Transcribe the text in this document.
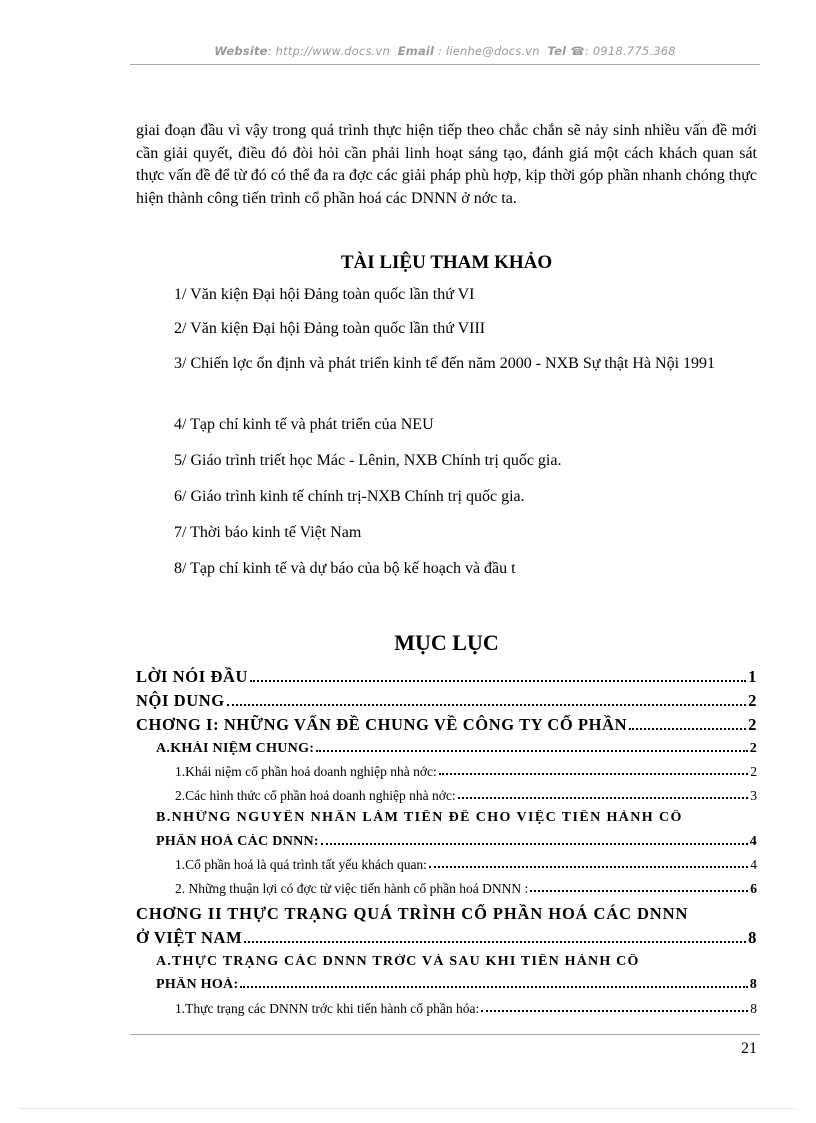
Website: http://www.docs.vn Email : lienhe@docs.vn Tel ☎: 0918.775.368
giai đoạn đầu vì vậy trong quá trình thực hiện tiếp theo chắc chắn sẽ nảy sinh nhiều vấn đề mới cần giải quyết, điều đó đòi hỏi cần phải linh hoạt sáng tạo, đánh giá một cách khách quan sát thực vấn đề để từ đó có thể đa ra đợc các giải pháp phù hợp, kịp thời góp phần nhanh chóng thực hiện thành công tiến trình cổ phần hoá các DNNN ở nớc ta.
TÀI LIỆU THAM KHẢO
1/ Văn kiện Đại hội Đảng toàn quốc lần thứ VI
2/ Văn kiện Đại hội Đảng toàn quốc lần thứ VIII
3/ Chiến lợc ổn định và phát triển kinh tế đến năm 2000 - NXB Sự thật Hà Nội 1991
4/ Tạp chí kinh tế và phát triển của NEU
5/ Giáo trình triết học Mác - Lênin, NXB Chính trị quốc gia.
6/ Giáo trình kinh tế chính trị-NXB Chính trị quốc gia.
7/ Thời báo kinh tế Việt Nam
8/ Tạp chí kinh tế và dự báo của bộ kế hoạch và đầu t
MỤC LỤC
LỜI NÓI ĐẦU	1
NỘI DUNG	2
CHƠNG I: NHỮNG VẤN ĐỀ CHUNG VỀ CÔNG TY CỔ PHẦN	2
A.KHÁI NIỆM CHUNG:	2
1.Khái niệm cổ phần hoá doanh nghiệp nhà nớc:	2
2.Các hình thức cổ phần hoá doanh nghiệp nhà nớc:	3
B.NHỮNG NGUYÊN NHÂN LÀM TIỀN ĐỀ CHO VIỆC TIẾN HÀNH CỔ
PHẦN HOÁ CÁC DNNN:	4
1.Cổ phần hoá là quá trình tất yếu khách quan:	4
2. Những thuận lợi có đợc từ việc tiến hành cổ phần hoá DNNN :	6
CHƠNG II THỰC TRẠNG QUÁ TRÌNH CỔ PHẦN HOÁ CÁC DNNN
Ở VIỆT NAM	8
A.THỰC TRẠNG CÁC DNNN TRỚC VÀ SAU KHI TIẾN HÀNH CỔ
PHẦN HOÁ:	8
1.Thực trạng các DNNN trớc khi tiến hành cổ phần hóa:	8
21
